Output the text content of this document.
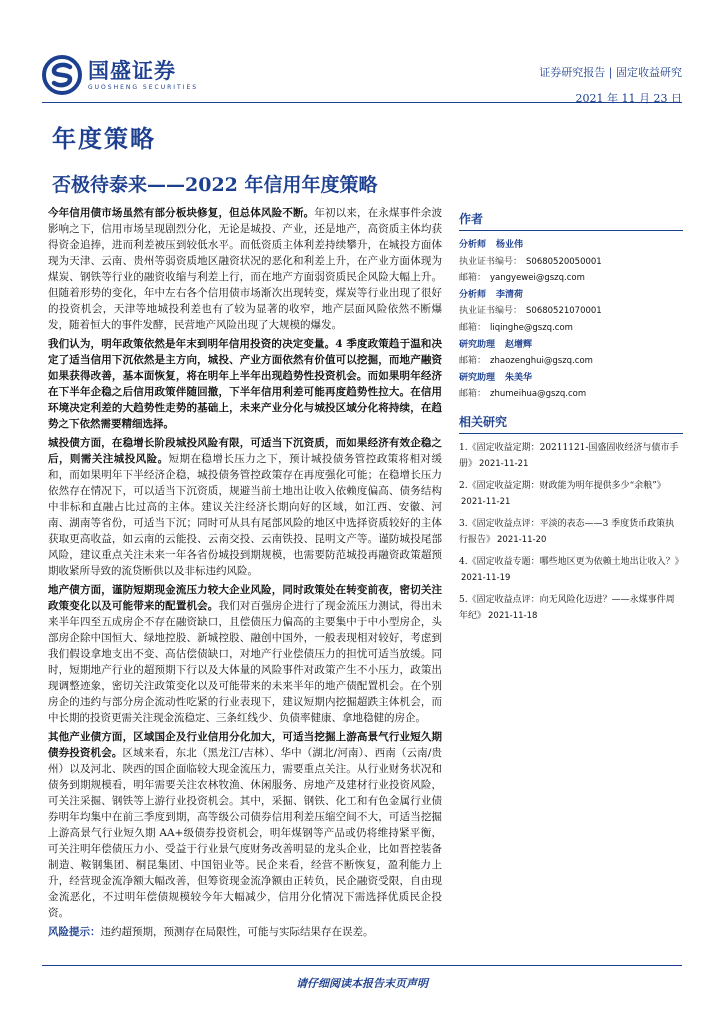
国盛证券
GUOSHENG SECURITIES
证券研究报告 | 固定收益研究
2021 年 11 月 23 日
年度策略
否极待泰来——2022 年信用年度策略

今年信用债市场虽然有部分板块修复，但总体风险不断。年初以来，在永煤事件余波影响之下，信用市场呈现剧烈分化，无论是城投、产业，还是地产，高资质主体均获得资金追捧，进而利差被压到较低水平。而低资质主体利差持续攀升，在城投方面体现为天津、云南、贵州等弱资质地区融资状况的恶化和利差上升，在产业方面体现为煤炭、钢铁等行业的融资收缩与利差上行，而在地产方面弱资质民企风险大幅上升。但随着形势的变化，年中左右各个信用债市场渐次出现转变，煤炭等行业出现了很好的投资机会，天津等地城投利差也有了较为显著的收窄，地产层面风险依然不断爆发，随着恒大的事件发酵，民营地产风险出现了大规模的爆发。

我们认为，明年政策依然是年末到明年信用投资的决定变量。4 季度政策趋于温和决定了适当信用下沉依然是主方向，城投、产业方面依然有价值可以挖掘，而地产融资如果获得改善，基本面恢复，将在明年上半年出现趋势性投资机会。而如果明年经济在下半年企稳之后信用政策伴随回撤，下半年信用利差可能再度趋势性拉大。在信用环境决定利差的大趋势性走势的基础上，未来产业分化与城投区域分化将持续，在趋势之下依然需要精细选择。

城投债方面，在稳增长阶段城投风险有限，可适当下沉资质，而如果经济有效企稳之后，则需关注城投风险。短期在稳增长压力之下，预计城投债务管控政策将相对缓和，而如果明年下半经济企稳，城投债务管控政策存在再度强化可能；在稳增长压力依然存在情况下，可以适当下沉资质，规避当前土地出让收入依赖度偏高、债务结构中非标和直融占比过高的主体。建议关注经济长期向好的区域，如江西、安徽、河南、湖南等省份，可适当下沉；同时可从具有尾部风险的地区中选择资质较好的主体获取更高收益，如云南的云能投、云南交投、云南铁投、昆明文产等。谨防城投尾部风险，建议重点关注未来一年各省份城投到期规模，也需要防范城投再融资政策超预期收紧所导致的流贷断供以及非标违约风险。

地产债方面，谨防短期现金流压力较大企业风险，同时政策处在转变前夜，密切关注政策变化以及可能带来的配置机会。我们对百强房企进行了现金流压力测试，得出未来半年四至五成房企不存在融资缺口，且偿债压力偏高的主要集中于中小型房企，头部房企除中国恒大、绿地控股、新城控股、融创中国外，一般表现相对较好，考虑到我们假设拿地支出不变、高估偿债缺口，对地产行业偿债压力的担忧可适当放缓。同时，短期地产行业的超预期下行以及大体量的风险事件对政策产生不小压力，政策出现调整迹象，密切关注政策变化以及可能带来的未来半年的地产债配置机会。在个别房企的违约与部分房企流动性吃紧的行业表现下，建议短期内挖掘超跌主体机会，而中长期的投资更需关注现金流稳定、三条红线少、负债率健康、拿地稳健的房企。

其他产业债方面，区域国企及行业信用分化加大，可适当挖掘上游高景气行业短久期债券投资机会。区域来看，东北（黑龙江/吉林）、华中（湖北/河南）、西南（云南/贵州）以及河北、陕西的国企面临较大现金流压力，需要重点关注。从行业财务状况和债务到期规模看，明年需要关注农林牧渔、休闲服务、房地产及建材行业投资风险，可关注采掘、钢铁等上游行业投资机会。其中，采掘、钢铁、化工和有色金属行业债券明年均集中在前三季度到期，高等级公司债券信用利差压缩空间不大，可适当挖掘上游高景气行业短久期 AA+级债券投资机会，明年煤钢等产品或仍将维持紧平衡，可关注明年偿债压力小、受益于行业景气度财务改善明显的龙头企业，比如晋控装备制造、鞍钢集团、桐昆集团、中国铝业等。民企来看，经营不断恢复，盈利能力上升，经营现金流净额大幅改善，但筹资现金流净额由正转负，民企融资受限，自由现金流恶化，不过明年偿债规模较今年大幅减少，信用分化情况下需选择优质民企投资。

风险提示：违约超预期，预测存在局限性，可能与实际结果存在误差。

作者
分析师 杨业伟
执业证书编号： S0680520050001
邮箱： yangyewei@gszq.com
分析师 李清荷
执业证书编号： S0680521070001
邮箱： liqinghe@gszq.com
研究助理 赵增辉
邮箱： zhaozenghui@gszq.com
研究助理 朱美华
邮箱： zhumeihua@gszq.com
相关研究
1.《固定收益定期：20211121-国盛固收经济与债市手册》 2021-11-21
2.《固定收益定期：财政能为明年提供多少“余粮”》2021-11-21
3.《固定收益点评：平淡的表态——3 季度货币政策执行报告》 2021-11-20
4.《固定收益专题：哪些地区更为依赖土地出让收入？》2021-11-19
5.《固定收益点评：向无风险化迈进？——永煤事件周年纪》 2021-11-18
请仔细阅读本报告末页声明
